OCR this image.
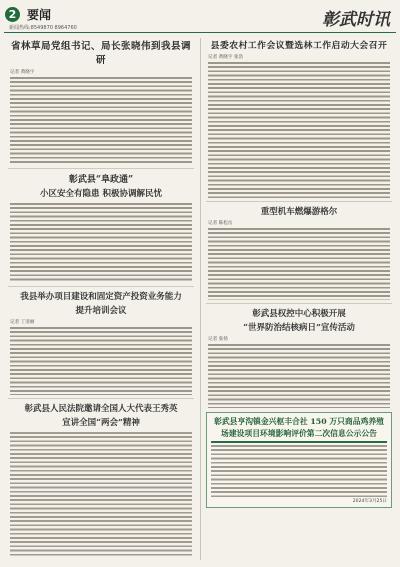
2 要闻
新闻热线:8549870 8964760	彰武时讯
省林草局党组书记、局长张晓伟到我县调研
记者 黄晓宇
彰武县“阜政通”
小区安全有隐患 积极协调解民忧
我县举办项目建设和固定资产投资业务能力
提升培训会议
记者 丁清丽
彰武县人民法院邀请全国人大代表王秀英
宣讲全国“两会”精神
县委农村工作会议暨选林工作启动大会召开
记者 黄晓宇 张浩
重型机车燃爆游格尔
记者 陈松岳
彰武县权控中心积极开展
“世界防治结核病日”宣传活动
记者 张扬
彰武县亨沟镇金兴枢丰合社 150 万只商品鸡养殖
场建设项目环境影响评价第二次信息公示公告
2024年3月25日
